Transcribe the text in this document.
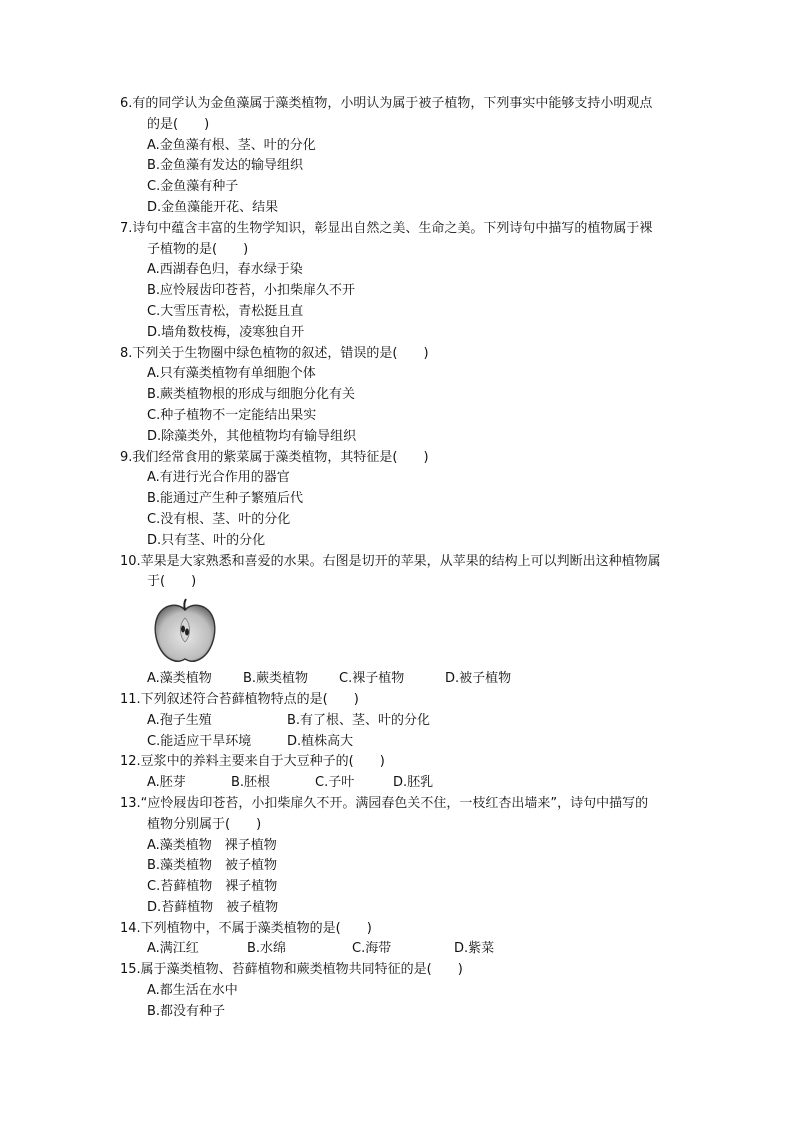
6.有的同学认为金鱼藻属于藻类植物，小明认为属于被子植物，下列事实中能够支持小明观点
的是(　　)
A.金鱼藻有根、茎、叶的分化
B.金鱼藻有发达的输导组织
C.金鱼藻有种子
D.金鱼藻能开花、结果
7.诗句中蕴含丰富的生物学知识，彰显出自然之美、生命之美。下列诗句中描写的植物属于裸
子植物的是(　　)
A.西湖春色归，春水绿于染
B.应怜屐齿印苍苔，小扣柴扉久不开
C.大雪压青松，青松挺且直
D.墙角数枝梅，凌寒独自开
8.下列关于生物圈中绿色植物的叙述，错误的是(　　)
A.只有藻类植物有单细胞个体
B.蕨类植物根的形成与细胞分化有关
C.种子植物不一定能结出果实
D.除藻类外，其他植物均有输导组织
9.我们经常食用的紫菜属于藻类植物，其特征是(　　)
A.有进行光合作用的器官
B.能通过产生种子繁殖后代
C.没有根、茎、叶的分化
D.只有茎、叶的分化
10.苹果是大家熟悉和喜爱的水果。右图是切开的苹果，从苹果的结构上可以判断出这种植物属
于(　　)
A.藻类植物	B.蕨类植物	C.裸子植物	D.被子植物
11.下列叙述符合苔藓植物特点的是(　　)
A.孢子生殖	B.有了根、茎、叶的分化
C.能适应干旱环境	D.植株高大
12.豆浆中的养料主要来自于大豆种子的(　　)
A.胚芽	B.胚根	C.子叶	D.胚乳
13.“应怜屐齿印苍苔，小扣柴扉久不开。满园春色关不住，一枝红杏出墙来”，诗句中描写的
植物分别属于(　　)
A.藻类植物　裸子植物
B.藻类植物　被子植物
C.苔藓植物　裸子植物
D.苔藓植物　被子植物
14.下列植物中，不属于藻类植物的是(　　)
A.满江红	B.水绵	C.海带	D.紫菜
15.属于藻类植物、苔藓植物和蕨类植物共同特征的是(　　)
A.都生活在水中
B.都没有种子
